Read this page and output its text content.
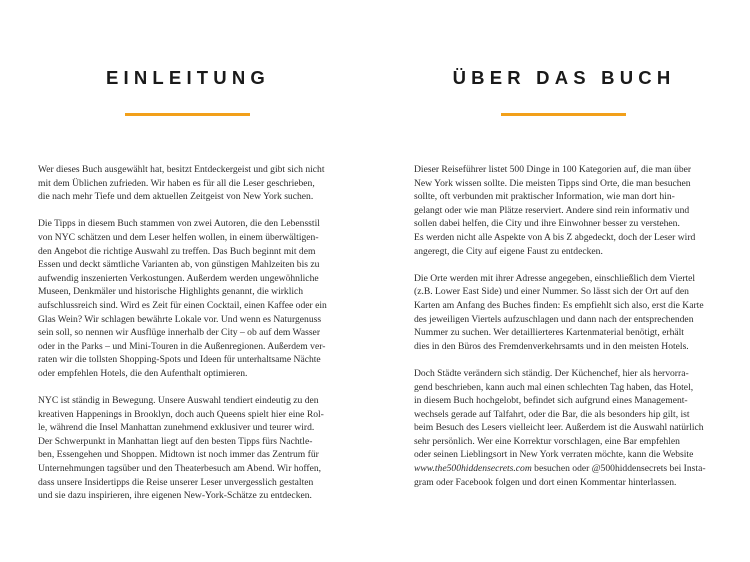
EINLEITUNG
Wer dieses Buch ausgewählt hat, besitzt Entdeckergeist und gibt sich nicht
mit dem Üblichen zufrieden. Wir haben es für all die Leser geschrieben,
die nach mehr Tiefe und dem aktuellen Zeitgeist von New York suchen.
Die Tipps in diesem Buch stammen von zwei Autoren, die den Lebensstil
von NYC schätzen und dem Leser helfen wollen, in einem überwältigen-
den Angebot die richtige Auswahl zu treffen. Das Buch beginnt mit dem
Essen und deckt sämtliche Varianten ab, von günstigen Mahlzeiten bis zu
aufwendig inszenierten Verkostungen. Außerdem werden ungewöhnliche
Museen, Denkmäler und historische Highlights genannt, die wirklich
aufschlussreich sind. Wird es Zeit für einen Cocktail, einen Kaffee oder ein
Glas Wein? Wir schlagen bewährte Lokale vor. Und wenn es Naturgenuss
sein soll, so nennen wir Ausflüge innerhalb der City – ob auf dem Wasser
oder in the Parks – und Mini-Touren in die Außenregionen. Außerdem ver-
raten wir die tollsten Shopping-Spots und Ideen für unterhaltsame Nächte
oder empfehlen Hotels, die den Aufenthalt optimieren.
NYC ist ständig in Bewegung. Unsere Auswahl tendiert eindeutig zu den
kreativen Happenings in Brooklyn, doch auch Queens spielt hier eine Rol-
le, während die Insel Manhattan zunehmend exklusiver und teurer wird.
Der Schwerpunkt in Manhattan liegt auf den besten Tipps fürs Nachtle-
ben, Essengehen und Shoppen. Midtown ist noch immer das Zentrum für
Unternehmungen tagsüber und den Theaterbesuch am Abend. Wir hoffen,
dass unsere Insidertipps die Reise unserer Leser unvergesslich gestalten
und sie dazu inspirieren, ihre eigenen New-York-Schätze zu entdecken.
ÜBER DAS BUCH
Dieser Reiseführer listet 500 Dinge in 100 Kategorien auf, die man über
New York wissen sollte. Die meisten Tipps sind Orte, die man besuchen
sollte, oft verbunden mit praktischer Information, wie man dort hin-
gelangt oder wie man Plätze reserviert. Andere sind rein informativ und
sollen dabei helfen, die City und ihre Einwohner besser zu verstehen.
Es werden nicht alle Aspekte von A bis Z abgedeckt, doch der Leser wird
angeregt, die City auf eigene Faust zu entdecken.
Die Orte werden mit ihrer Adresse angegeben, einschließlich dem Viertel
(z.B. Lower East Side) und einer Nummer. So lässt sich der Ort auf den
Karten am Anfang des Buches finden: Es empfiehlt sich also, erst die Karte
des jeweiligen Viertels aufzuschlagen und dann nach der entsprechenden
Nummer zu suchen. Wer detaillierteres Kartenmaterial benötigt, erhält
dies in den Büros des Fremdenverkehrsamts und in den meisten Hotels.
Doch Städte verändern sich ständig. Der Küchenchef, hier als hervorra-
gend beschrieben, kann auch mal einen schlechten Tag haben, das Hotel,
in diesem Buch hochgelobt, befindet sich aufgrund eines Management-
wechsels gerade auf Talfahrt, oder die Bar, die als besonders hip gilt, ist
beim Besuch des Lesers vielleicht leer. Außerdem ist die Auswahl natürlich
sehr persönlich. Wer eine Korrektur vorschlagen, eine Bar empfehlen
oder seinen Lieblingsort in New York verraten möchte, kann die Website
www.the500hiddensecrets.com besuchen oder @500hiddensecrets bei Insta-
gram oder Facebook folgen und dort einen Kommentar hinterlassen.
